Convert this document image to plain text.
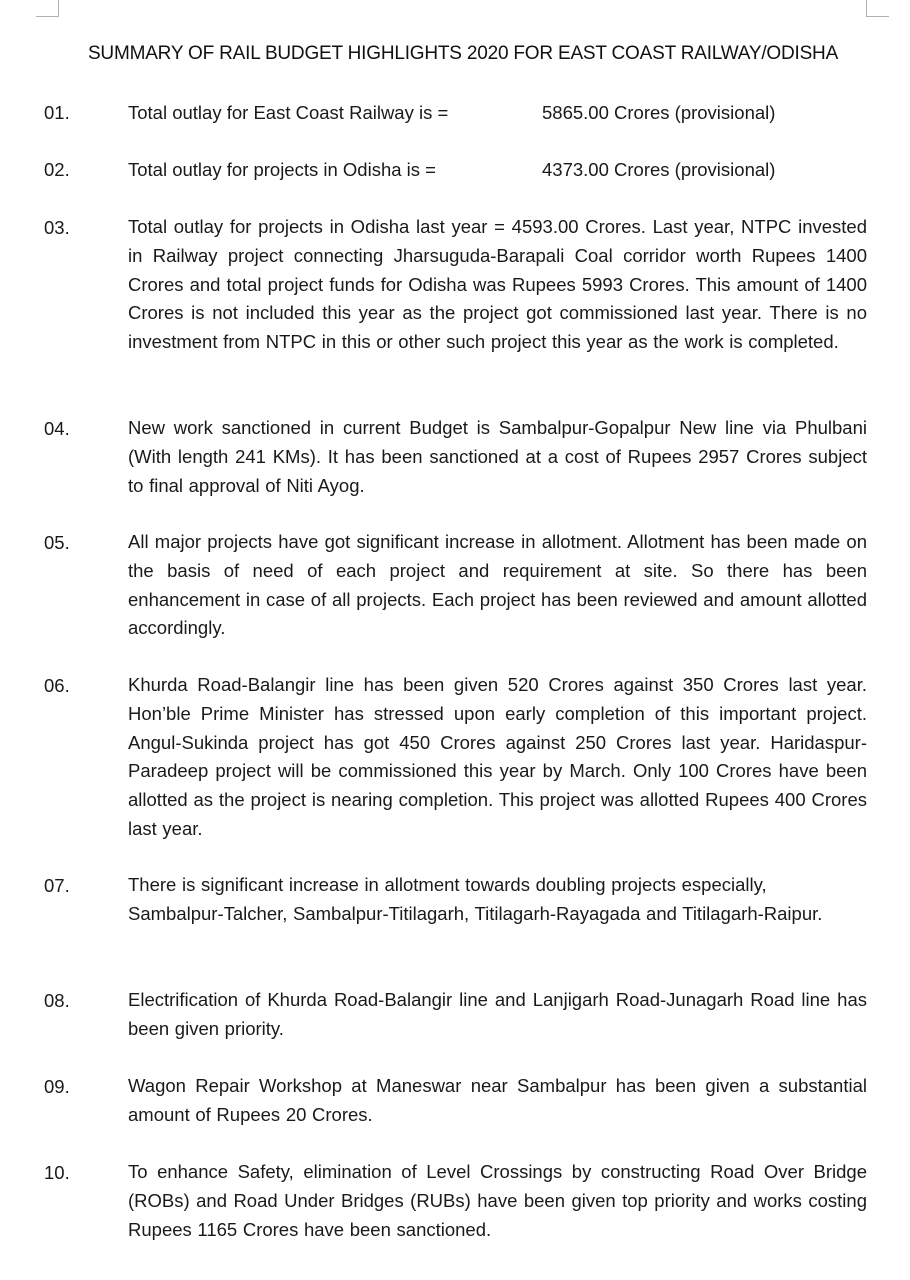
SUMMARY OF RAIL BUDGET HIGHLIGHTS 2020 FOR EAST COAST RAILWAY/ODISHA
01.	Total outlay for East Coast Railway is =	5865.00 Crores (provisional)
02.	Total outlay for projects in Odisha is =	4373.00 Crores (provisional)
03.	Total outlay for projects in Odisha last year = 4593.00 Crores. Last year, NTPC invested in Railway project connecting Jharsuguda-Barapali Coal corridor worth Rupees 1400 Crores and total project funds for Odisha was Rupees 5993 Crores. This amount of 1400 Crores is not included this year as the project got commissioned last year. There is no investment from NTPC in this or other such project this year as the work is completed.
04.	New work sanctioned in current Budget is Sambalpur-Gopalpur New line via Phulbani (With length 241 KMs). It has been sanctioned at a cost of Rupees 2957 Crores subject to final approval of Niti Ayog.
05.	All major projects have got significant increase in allotment. Allotment has been made on the basis of need of each project and requirement at site. So there has been enhancement in case of all projects. Each project has been reviewed and amount allotted accordingly.
06.	Khurda Road-Balangir line has been given 520 Crores against 350 Crores last year. Hon’ble Prime Minister has stressed upon early completion of this important project. Angul-Sukinda project has got 450 Crores against 250 Crores last year. Haridaspur-Paradeep project will be commissioned this year by March. Only 100 Crores have been allotted as the project is nearing completion. This project was allotted Rupees 400 Crores last year.
07.	There is significant increase in allotment towards doubling projects especially, Sambalpur-Talcher, Sambalpur-Titilagarh, Titilagarh-Rayagada and Titilagarh-Raipur.
08.	Electrification of Khurda Road-Balangir line and Lanjigarh Road-Junagarh Road line has been given priority.
09.	Wagon Repair Workshop at Maneswar near Sambalpur has been given a substantial amount of Rupees 20 Crores.
10.	To enhance Safety, elimination of Level Crossings by constructing Road Over Bridge (ROBs) and Road Under Bridges (RUBs) have been given top priority and works costing Rupees 1165 Crores have been sanctioned.
